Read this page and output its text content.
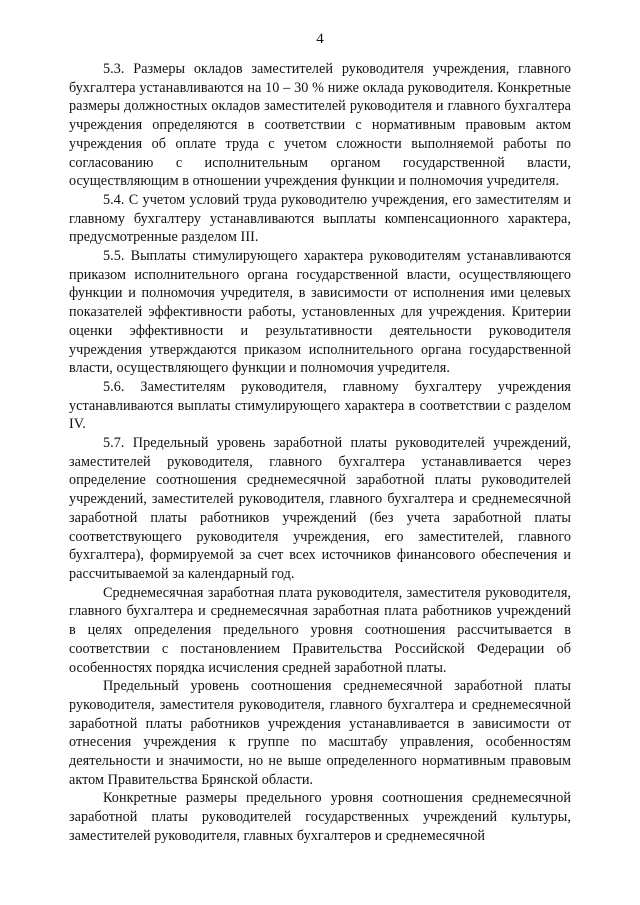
4

5.3. Размеры окладов заместителей руководителя учреждения, главного бухгалтера устанавливаются на 10 – 30 % ниже оклада руководителя. Конкретные размеры должностных окладов заместителей руководителя и главного бухгалтера учреждения определяются в соответствии с нормативным правовым актом учреждения об оплате труда с учетом сложности выполняемой работы по согласованию с исполнительным органом государственной власти, осуществляющим в отношении учреждения функции и полномочия учредителя.

5.4. С учетом условий труда руководителю учреждения, его заместителям и главному бухгалтеру устанавливаются выплаты компенсационного характера, предусмотренные разделом III.

5.5. Выплаты стимулирующего характера руководителям устанавливаются приказом исполнительного органа государственной власти, осуществляющего функции и полномочия учредителя, в зависимости от исполнения ими целевых показателей эффективности работы, установленных для учреждения. Критерии оценки эффективности и результативности деятельности руководителя учреждения утверждаются приказом исполнительного органа государственной власти, осуществляющего функции и полномочия учредителя.

5.6. Заместителям руководителя, главному бухгалтеру учреждения устанавливаются выплаты стимулирующего характера в соответствии с разделом IV.

5.7. Предельный уровень заработной платы руководителей учреждений, заместителей руководителя, главного бухгалтера устанавливается через определение соотношения среднемесячной заработной платы руководителей учреждений, заместителей руководителя, главного бухгалтера и среднемесячной заработной платы работников учреждений (без учета заработной платы соответствующего руководителя учреждения, его заместителей, главного бухгалтера), формируемой за счет всех источников финансового обеспечения и рассчитываемой за календарный год.

Среднемесячная заработная плата руководителя, заместителя руководителя, главного бухгалтера и среднемесячная заработная плата работников учреждений в целях определения предельного уровня соотношения рассчитывается в соответствии с постановлением Правительства Российской Федерации об особенностях порядка исчисления средней заработной платы.

Предельный уровень соотношения среднемесячной заработной платы руководителя, заместителя руководителя, главного бухгалтера и среднемесячной заработной платы работников учреждения устанавливается в зависимости от отнесения учреждения к группе по масштабу управления, особенностям деятельности и значимости, но не выше определенного нормативным правовым актом Правительства Брянской области.

Конкретные размеры предельного уровня соотношения среднемесячной заработной платы руководителей государственных учреждений культуры, заместителей руководителя, главных бухгалтеров и среднемесячной
